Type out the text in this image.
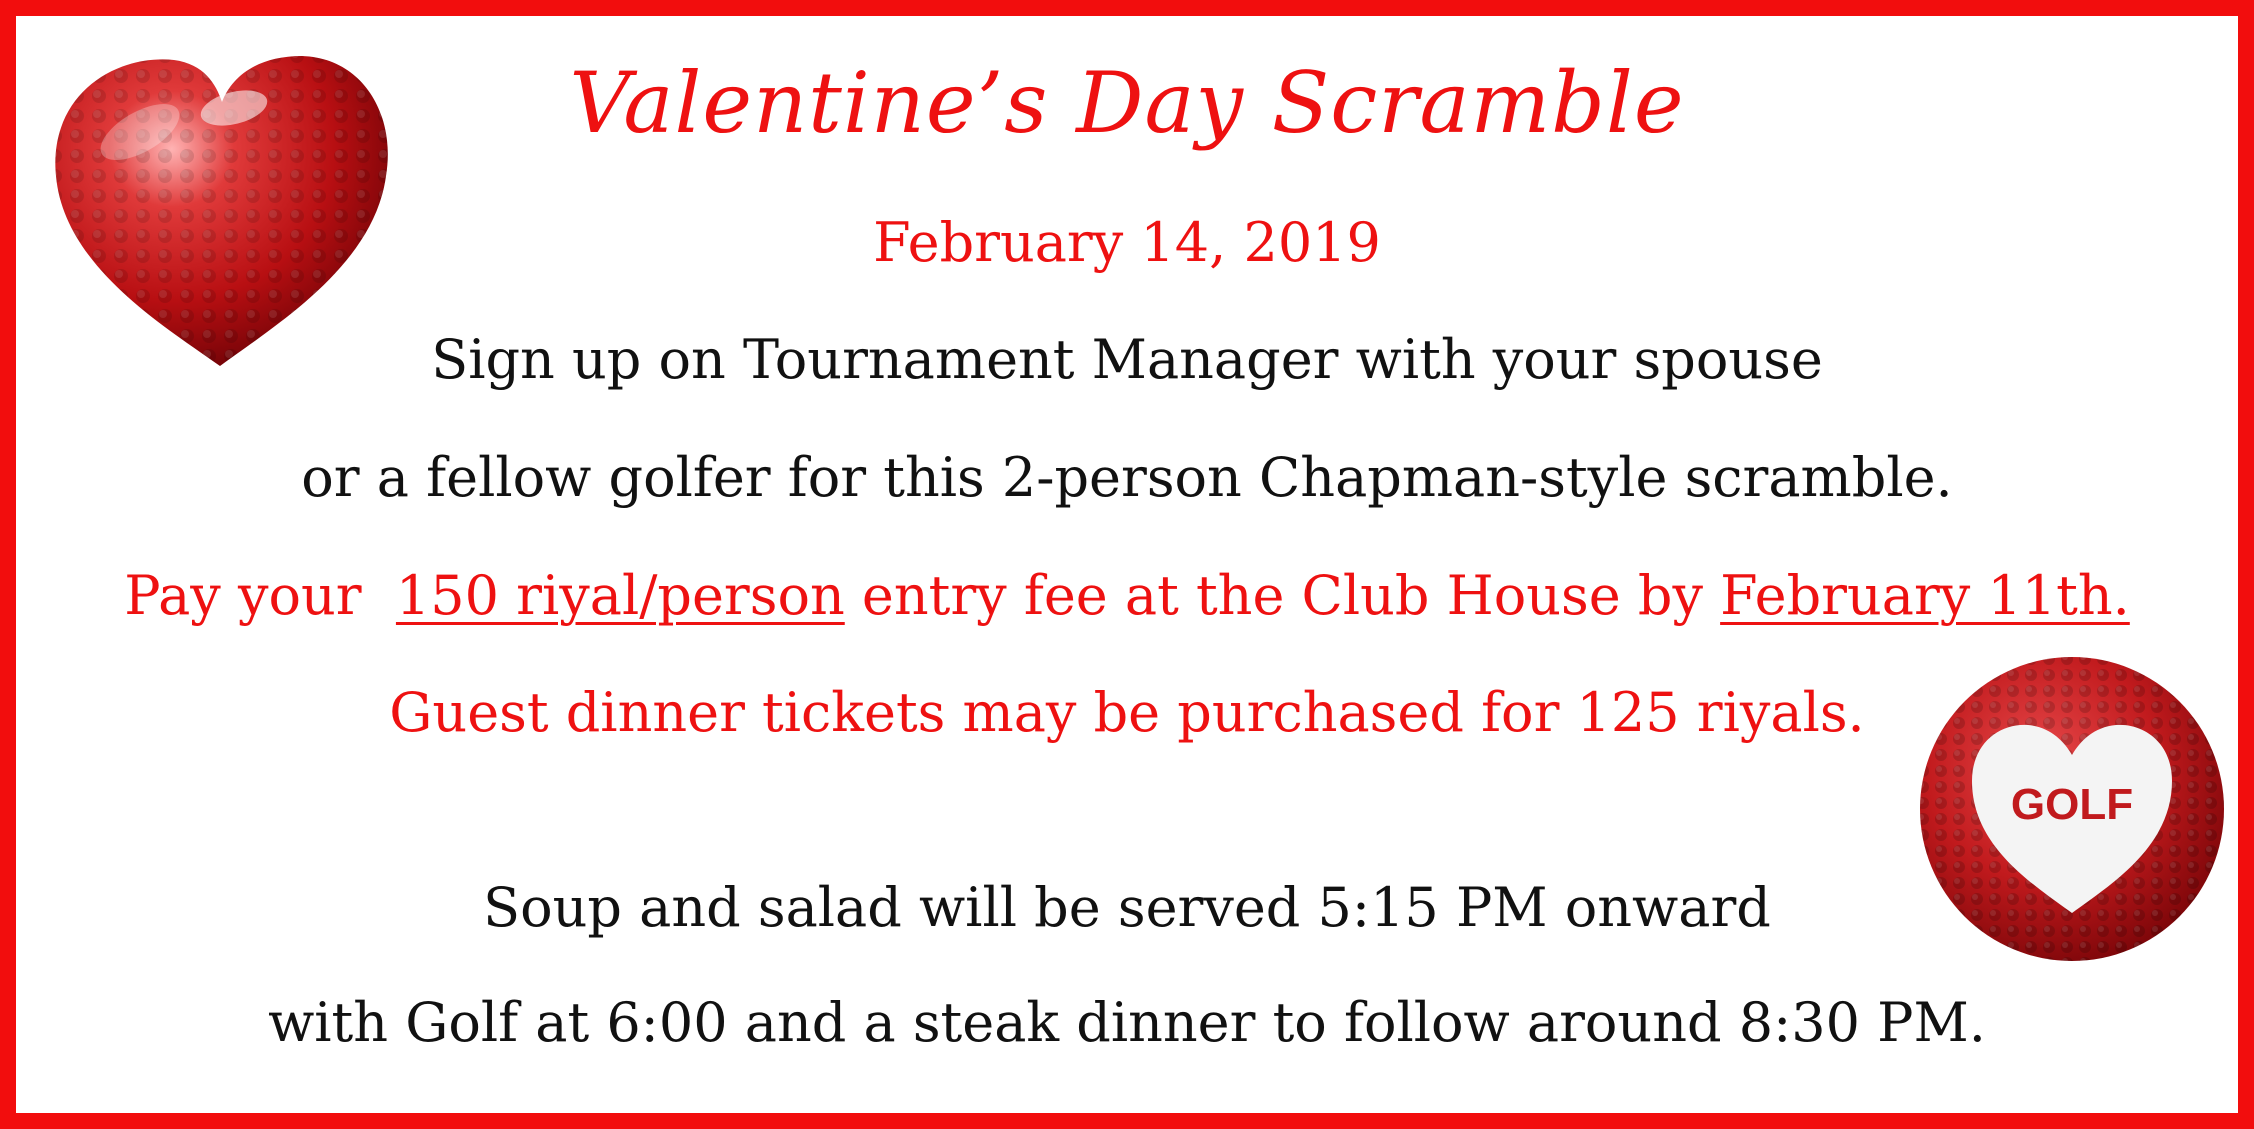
Valentine’s Day Scramble
February 14, 2019
Sign up on Tournament Manager with your spouse
or a fellow golfer for this 2-person Chapman-style scramble.
Pay your  150 riyal/person entry fee at the Club House by February 11th.
Guest dinner tickets may be purchased for 125 riyals.
Soup and salad will be served 5:15 PM onward
with Golf at 6:00 and a steak dinner to follow around 8:30 PM.
GOLF
